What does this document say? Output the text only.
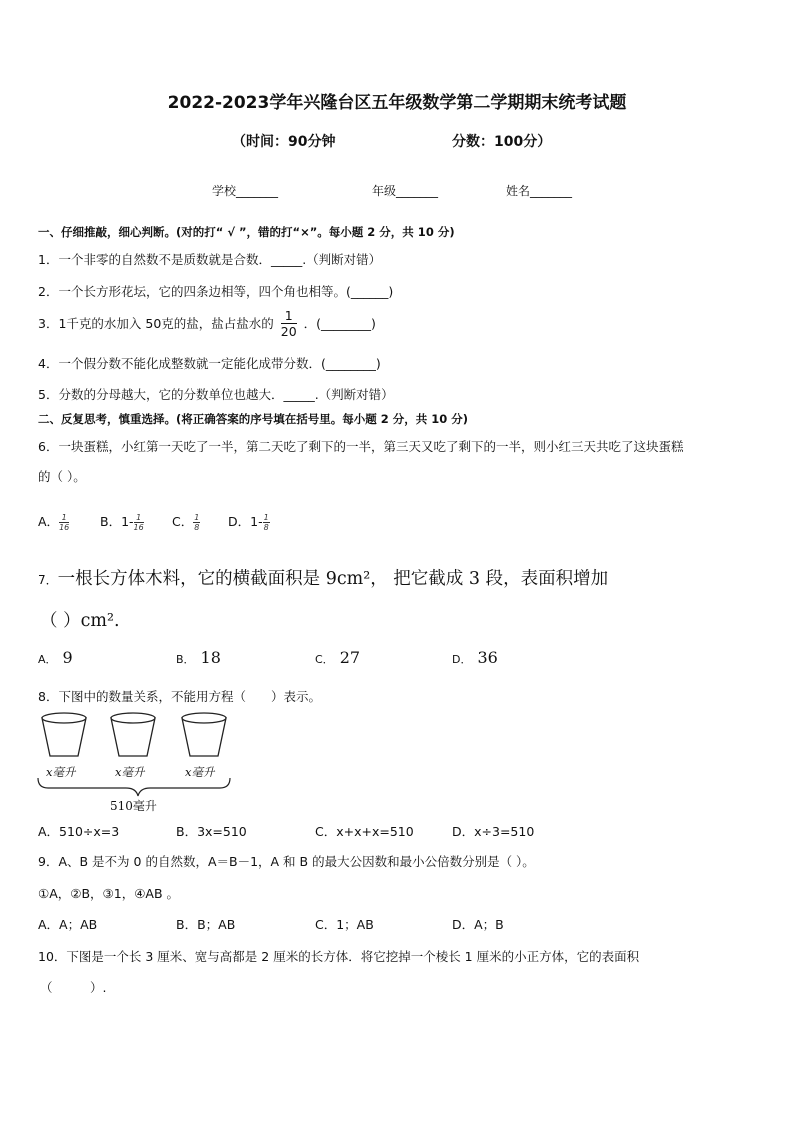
2022-2023学年兴隆台区五年级数学第二学期期末统考试题
（时间：90分钟	分数：100分）
学校_______	年级_______	姓名_______
一、仔细推敲，细心判断。(对的打“ √ ”，错的打“×”。每小题 2 分，共 10 分)
1．一个非零的自然数不是质数就是合数．_____.（判断对错）
2．一个长方形花坛，它的四条边相等，四个角也相等。(______)
3．1千克的水加入 50克的盐，盐占盐水的 $\frac{1}{20}$ ．(________)
4．一个假分数不能化成整数就一定能化成带分数．(________)
5．分数的分母越大，它的分数单位也越大．_____.（判断对错）
二、反复思考，慎重选择。(将正确答案的序号填在括号里。每小题 2 分，共 10 分)
6．一块蛋糕，小红第一天吃了一半，第二天吃了剩下的一半，第三天又吃了剩下的一半，则小红三天共吃了这块蛋糕
的（ ）。
A． $\frac{1}{16}$ B．$1- \frac{1}{16}$ C． $\frac{1}{8}$ D．$1- \frac{1}{8}$
7．一根长方体木料，它的横截面积是 9cm²， 把它截成 3 段，表面积增加
（ ）cm².
A． 9	B． 18	C． 27	D． 36
8．下图中的数量关系，不能用方程（　　）表示。
x毫升	x毫升	x毫升
510毫升
A．510÷x=3	B．3x=510	C．x+x+x=510	D．x÷3=510
9．A、B 是不为 0 的自然数，A＝B－1，A 和 B 的最大公因数和最小公倍数分别是（ ）。
①A，②B，③1，④AB 。
A．A；AB	B．B；AB	C．1；AB	D．A；B
10．下图是一个长 3 厘米、宽与高都是 2 厘米的长方体．将它挖掉一个棱长 1 厘米的小正方体，它的表面积
（　　　）.
